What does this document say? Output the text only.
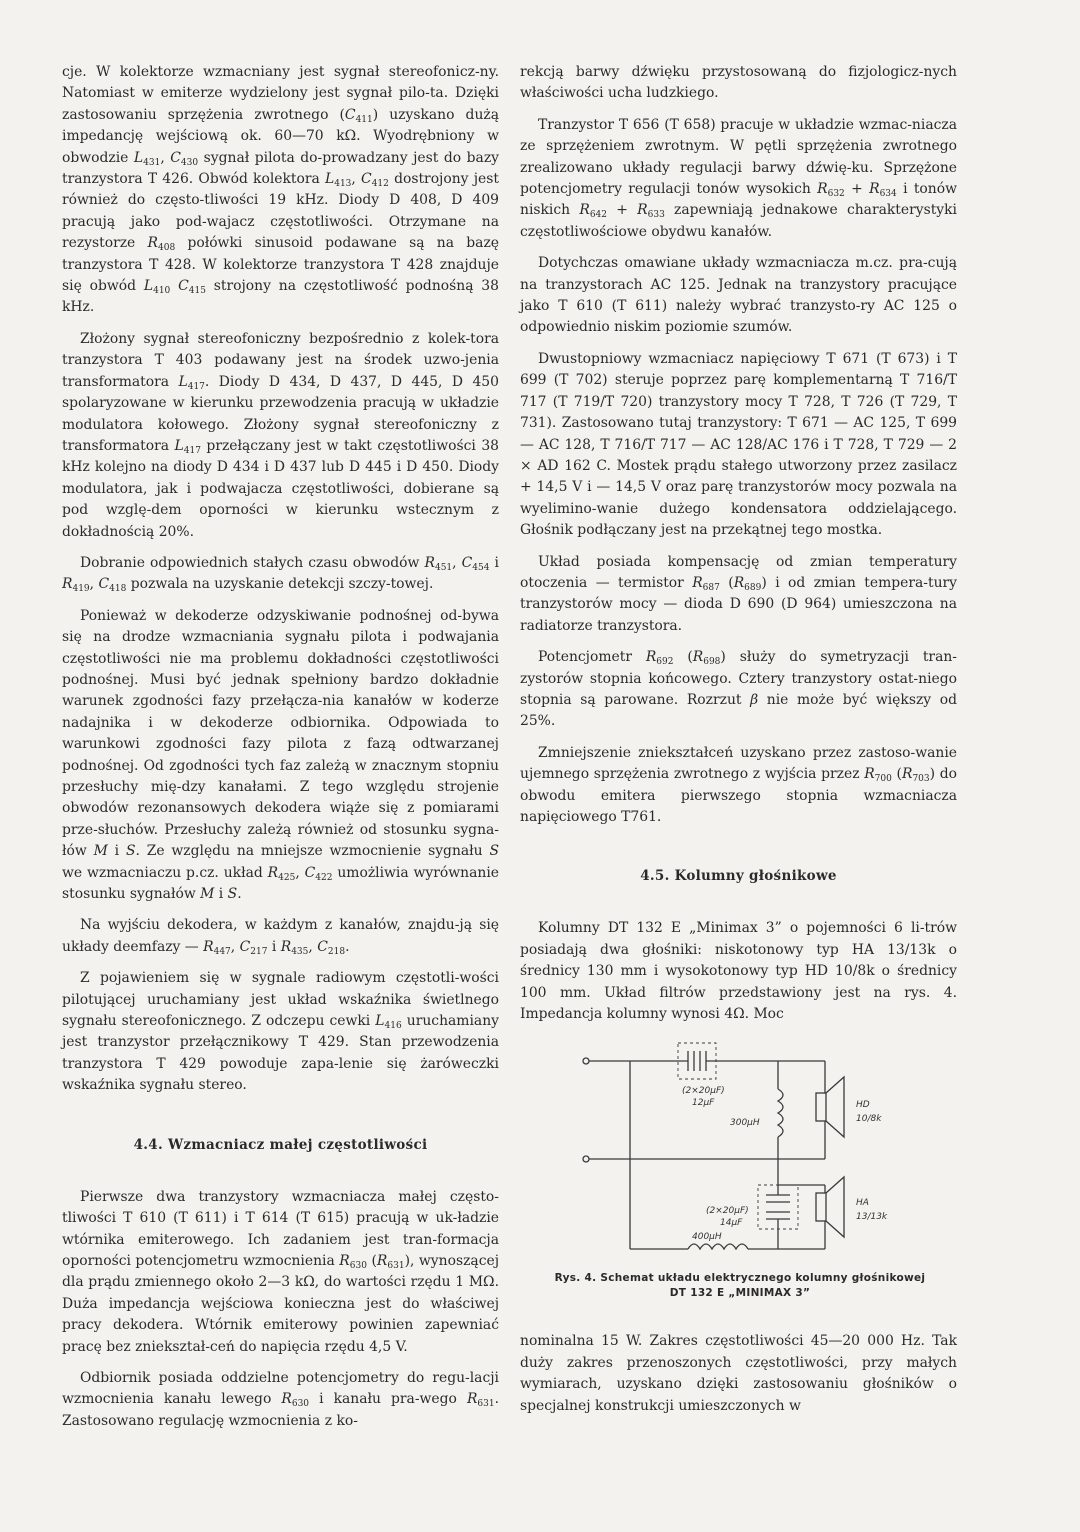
cje. W kolektorze wzmacniany jest sygnał stereofonicz-ny. Natomiast w emiterze wydzielony jest sygnał pilo-ta. Dzięki zastosowaniu sprzężenia zwrotnego $(C_{411})$ uzyskano dużą impedancję wejściową ok. 60—70 kΩ. Wyodrębniony w obwodzie $L_{431}$, $C_{430}$ sygnał pilota do-prowadzany jest do bazy tranzystora T 426. Obwód kolektora $L_{413}$, $C_{412}$ dostrojony jest również do często-tliwości 19 kHz. Diody D 408, D 409 pracują jako pod-wajacz częstotliwości. Otrzymane na rezystorze $R_{408}$ połówki sinusoid podawane są na bazę tranzystora T 428. W kolektorze tranzystora T 428 znajduje się obwód $L_{410}$ $C_{415}$ strojony na częstotliwość podnośną 38 kHz.

Złożony sygnał stereofoniczny bezpośrednio z kolek-tora tranzystora T 403 podawany jest na środek uzwo-jenia transformatora $L_{417}$. Diody D 434, D 437, D 445, D 450 spolaryzowane w kierunku przewodzenia pracują w układzie modulatora kołowego. Złożony sygnał stereofoniczny z transformatora $L_{417}$ przełączany jest w takt częstotliwości 38 kHz kolejno na diody D 434 i D 437 lub D 445 i D 450. Diody modulatora, jak i podwajacza częstotliwości, dobierane są pod wzglę-dem oporności w kierunku wstecznym z dokładnością 20%.

Dobranie odpowiednich stałych czasu obwodów $R_{451}$, $C_{454}$ i $R_{419}$, $C_{418}$ pozwala na uzyskanie detekcji szczy-towej.

Ponieważ w dekoderze odzyskiwanie podnośnej od-bywa się na drodze wzmacniania sygnału pilota i podwajania częstotliwości nie ma problemu dokładności częstotliwości podnośnej. Musi być jednak spełniony bardzo dokładnie warunek zgodności fazy przełącza-nia kanałów w koderze nadajnika i w dekoderze odbiornika. Odpowiada to warunkowi zgodności fazy pilota z fazą odtwarzanej podnośnej. Od zgodności tych faz zależą w znacznym stopniu przesłuchy mię-dzy kanałami. Z tego względu strojenie obwodów rezonansowych dekodera wiąże się z pomiarami prze-słuchów. Przesłuchy zależą również od stosunku sygna-łów M i S. Ze względu na mniejsze wzmocnienie sygnału S we wzmacniaczu p.cz. układ $R_{425}$, $C_{422}$ umożliwia wyrównanie stosunku sygnałów M i S.

Na wyjściu dekodera, w każdym z kanałów, znajdu-ją się układy deemfazy — $R_{447}$, $C_{217}$ i $R_{435}$, $C_{218}$.

Z pojawieniem się w sygnale radiowym częstotli-wości pilotującej uruchamiany jest układ wskaźnika świetlnego sygnału stereofonicznego. Z odczepu cewki $L_{416}$ uruchamiany jest tranzystor przełącznikowy T 429. Stan przewodzenia tranzystora T 429 powoduje zapa-lenie się żaróweczki wskaźnika sygnału stereo.

4.4. Wzmacniacz małej częstotliwości

Pierwsze dwa tranzystory wzmacniacza małej często-tliwości T 610 (T 611) i T 614 (T 615) pracują w uk-ładzie wtórnika emiterowego. Ich zadaniem jest tran-formacja oporności potencjometru wzmocnienia $R_{630}$ $(R_{631})$, wynoszącej dla prądu zmiennego około 2—3 kΩ, do wartości rzędu 1 MΩ. Duża impedancja wejściowa konieczna jest do właściwej pracy dekodera. Wtórnik emiterowy powinien zapewniać pracę bez zniekształ-ceń do napięcia rzędu 4,5 V.

Odbiornik posiada oddzielne potencjometry do regu-lacji wzmocnienia kanału lewego $R_{630}$ i kanału pra-wego $R_{631}$. Zastosowano regulację wzmocnienia z ko-

rekcją barwy dźwięku przystosowaną do fizjologicz-nych właściwości ucha ludzkiego.

Tranzystor T 656 (T 658) pracuje w układzie wzmac-niacza ze sprzężeniem zwrotnym. W pętli sprzężenia zwrotnego zrealizowano układy regulacji barwy dźwię-ku. Sprzężone potencjometry regulacji tonów wysokich $R_{632} + R_{634}$ i tonów niskich $R_{642} + R_{633}$ zapewniają jednakowe charakterystyki częstotliwościowe obydwu kanałów.

Dotychczas omawiane układy wzmacniacza m.cz. pra-cują na tranzystorach AC 125. Jednak na tranzystory pracujące jako T 610 (T 611) należy wybrać tranzysto-ry AC 125 o odpowiednio niskim poziomie szumów.

Dwustopniowy wzmacniacz napięciowy T 671 (T 673) i T 699 (T 702) steruje poprzez parę komplementarną T 716/T 717 (T 719/T 720) tranzystory mocy T 728, T 726 (T 729, T 731). Zastosowano tutaj tranzystory: T 671 — AC 125, T 699 — AC 128, T 716/T 717 — AC 128/AC 176 i T 728, T 729 — 2 × AD 162 C. Mostek prądu stałego utworzony przez zasilacz + 14,5 V i — 14,5 V oraz parę tranzystorów mocy pozwala na wyelimino-wanie dużego kondensatora oddzielającego. Głośnik podłączany jest na przekątnej tego mostka.

Układ posiada kompensację od zmian temperatury otoczenia — termistor $R_{687}$ $(R_{689})$ i od zmian tempera-tury tranzystorów mocy — dioda D 690 (D 964) umieszczona na radiatorze tranzystora.

Potencjometr $R_{692}$ $(R_{698})$ służy do symetryzacji tran-zystorów stopnia końcowego. Cztery tranzystory ostat-niego stopnia są parowane. Rozrzut β nie może być większy od 25%.

Zmniejszenie zniekształceń uzyskano przez zastoso-wanie ujemnego sprzężenia zwrotnego z wyjścia przez $R_{700}$ $(R_{703})$ do obwodu emitera pierwszego stopnia wzmacniacza napięciowego T761.

4.5. Kolumny głośnikowe

Kolumny DT 132 E „Minimax 3” o pojemności 6 li-trów posiadają dwa głośniki: niskotonowy typ HA 13/13k o średnicy 130 mm i wysokotonowy typ HD 10/8k o średnicy 100 mm. Układ filtrów przedstawiony jest na rys. 4. Impedancja kolumny wynosi 4Ω. Moc

(2×20μF)
12μF
300μH
HD
10/8k
(2×20μF)
14μF
HA
13/13k
400μH
Rys. 4. Schemat układu elektrycznego kolumny głośnikowej
DT 132 E „MINIMAX 3”

nominalna 15 W. Zakres częstotliwości 45—20 000 Hz. Tak duży zakres przenoszonych częstotliwości, przy małych wymiarach, uzyskano dzięki zastosowaniu głośników o specjalnej konstrukcji umieszczonych w
